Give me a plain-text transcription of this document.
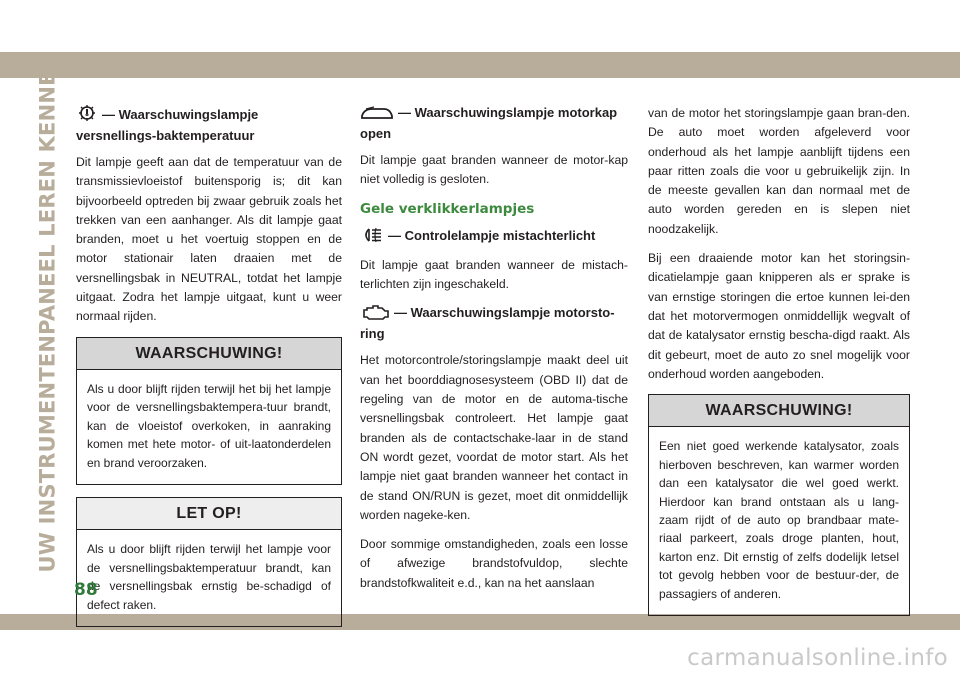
UW INSTRUMENTENPANEEL LEREN KENNEN	— Waarschuwingslampje versnellings-baktemperatuur

Dit lampje geeft aan dat de temperatuur van de transmissievloeistof buitensporig is; dit kan bijvoorbeeld optreden bij zwaar gebruik zoals het trekken van een aanhanger. Als dit lampje gaat branden, moet u het voertuig stoppen en de motor stationair laten draaien met de versnellingsbak in NEUTRAL, totdat het lampje uitgaat. Zodra het lampje uitgaat, kunt u weer normaal rijden.

WAARSCHUWING!
Als u door blijft rijden terwijl het bij het lampje voor de versnellingsbaktempera-tuur brandt, kan de vloeistof overkoken, in aanraking komen met hete motor- of uit-laatonderdelen en brand veroorzaken.
LET OP!
Als u door blijft rijden terwijl het lampje voor de versnellingsbaktemperatuur brandt, kan de versnellingsbak ernstig be-schadigd of defect raken.
— Waarschuwingslampje motorkap open

Dit lampje gaat branden wanneer de motor-kap niet volledig is gesloten.

Gele verklikkerlampjes
— Controlelampje mistachterlicht

Dit lampje gaat branden wanneer de mistach-terlichten zijn ingeschakeld.

— Waarschuwingslampje motorsto-ring

Het motorcontrole/storingslampje maakt deel uit van het boorddiagnosesysteem (OBD II) dat de regeling van de motor en de automa-tische versnellingsbak controleert. Het lampje gaat branden als de contactschake-laar in de stand ON wordt gezet, voordat de motor start. Als het lampje niet gaat branden wanneer het contact in de stand ON/RUN is gezet, moet dit onmiddellijk worden nageke-ken.

Door sommige omstandigheden, zoals een losse of afwezige brandstofvuldop, slechte brandstofkwaliteit e.d., kan na het aanslaan

van de motor het storingslampje gaan bran-den. De auto moet worden afgeleverd voor onderhoud als het lampje aanblijft tijdens een paar ritten zoals die voor u gebruikelijk zijn. In de meeste gevallen kan dan normaal met de auto worden gereden en is slepen niet noodzakelijk.

Bij een draaiende motor kan het storingsin-dicatielampje gaan knipperen als er sprake is van ernstige storingen die ertoe kunnen lei-den dat het motorvermogen onmiddellijk wegvalt of dat de katalysator ernstig bescha-digd raakt. Als dit gebeurt, moet de auto zo snel mogelijk voor onderhoud worden aangeboden.

WAARSCHUWING!
Een niet goed werkende katalysator, zoals hierboven beschreven, kan warmer worden dan een katalysator die wel goed werkt. Hierdoor kan brand ontstaan als u lang-zaam rijdt of de auto op brandbaar mate-riaal parkeert, zoals droge planten, hout, karton enz. Dit ernstig of zelfs dodelijk letsel tot gevolg hebben voor de bestuur-der, de passagiers of anderen.
88
carmanualsonline.info
